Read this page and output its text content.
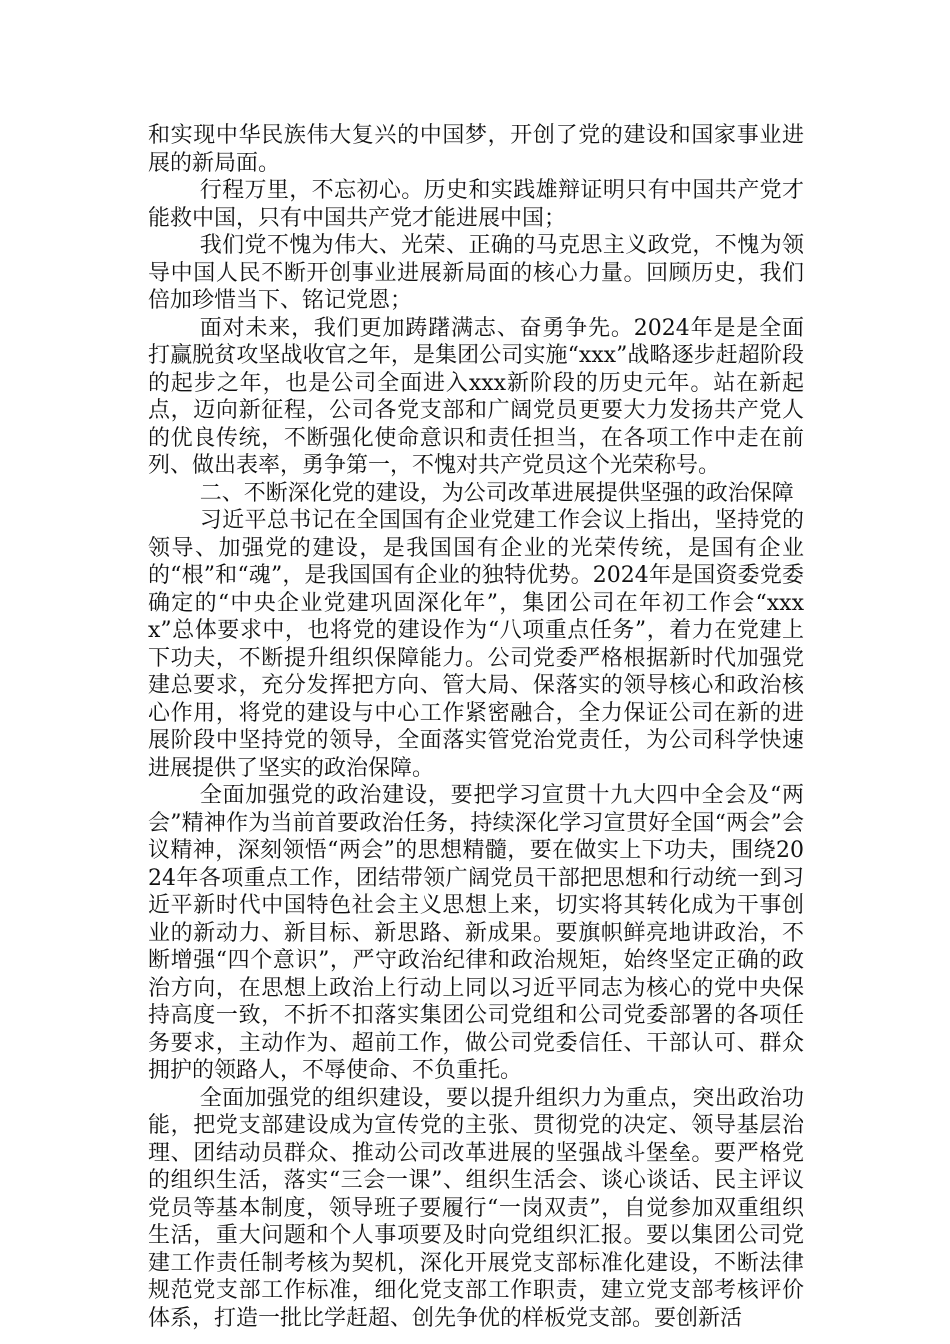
和实现中华民族伟大复兴的中国梦，开创了党的建设和国家事业进展的新局面。

行程万里，不忘初心。历史和实践雄辩证明只有中国共产党才能救中国，只有中国共产党才能进展中国；

我们党不愧为伟大、光荣、正确的马克思主义政党，不愧为领导中国人民不断开创事业进展新局面的核心力量。回顾历史，我们倍加珍惜当下、铭记党恩；

面对未来，我们更加踌躇满志、奋勇争先。2024年是是全面打赢脱贫攻坚战收官之年，是集团公司实施“xxx”战略逐步赶超阶段的起步之年，也是公司全面进入xxx新阶段的历史元年。站在新起点，迈向新征程，公司各党支部和广阔党员更要大力发扬共产党人的优良传统，不断强化使命意识和责任担当，在各项工作中走在前列、做出表率，勇争第一，不愧对共产党员这个光荣称号。

二、不断深化党的建设，为公司改革进展提供坚强的政治保障

习近平总书记在全国国有企业党建工作会议上指出，坚持党的领导、加强党的建设，是我国国有企业的光荣传统，是国有企业的“根”和“魂”，是我国国有企业的独特优势。2024年是国资委党委确定的“中央企业党建巩固深化年”，集团公司在年初工作会“xxxx”总体要求中，也将党的建设作为“八项重点任务”，着力在党建上下功夫，不断提升组织保障能力。公司党委严格根据新时代加强党建总要求，充分发挥把方向、管大局、保落实的领导核心和政治核心作用，将党的建设与中心工作紧密融合，全力保证公司在新的进展阶段中坚持党的领导，全面落实管党治党责任，为公司科学快速进展提供了坚实的政治保障。

全面加强党的政治建设，要把学习宣贯十九大四中全会及“两会”精神作为当前首要政治任务，持续深化学习宣贯好全国“两会”会议精神，深刻领悟“两会”的思想精髓，要在做实上下功夫，围绕2024年各项重点工作，团结带领广阔党员干部把思想和行动统一到习近平新时代中国特色社会主义思想上来，切实将其转化成为干事创业的新动力、新目标、新思路、新成果。要旗帜鲜亮地讲政治，不断增强“四个意识”，严守政治纪律和政治规矩，始终坚定正确的政治方向，在思想上政治上行动上同以习近平同志为核心的党中央保持高度一致，不折不扣落实集团公司党组和公司党委部署的各项任务要求，主动作为、超前工作，做公司党委信任、干部认可、群众拥护的领路人，不辱使命、不负重托。

全面加强党的组织建设，要以提升组织力为重点，突出政治功能，把党支部建设成为宣传党的主张、贯彻党的决定、领导基层治理、团结动员群众、推动公司改革进展的坚强战斗堡垒。要严格党的组织生活，落实“三会一课”、组织生活会、谈心谈话、民主评议党员等基本制度，领导班子要履行“一岗双责”，自觉参加双重组织生活，重大问题和个人事项要及时向党组织汇报。要以集团公司党建工作责任制考核为契机，深化开展党支部标准化建设，不断法律规范党支部工作标准，细化党支部工作职责，建立党支部考核评价体系，打造一批比学赶超、创先争优的样板党支部。要创新活
